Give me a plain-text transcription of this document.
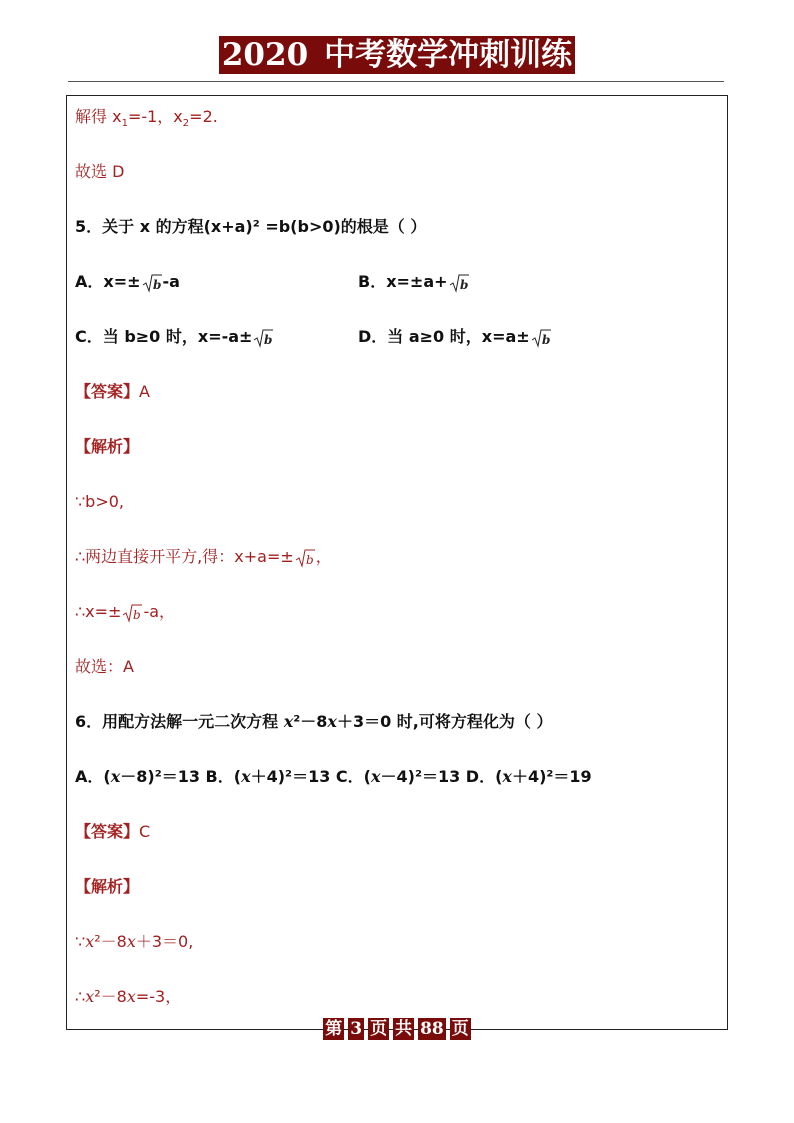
2020 中考数学冲刺训练
解得 $x_1=-1$，$x_2=2$.
故选 D
5．关于 x 的方程(x+a)² =b(b>0)的根是（ ）
A．x=± b -a	B．x=±a+ b
C．当 b≥0 时，x=-a± b	D．当 a≥0 时，x=a± b
【答案】A
【解析】
∵b>0,
∴两边直接开平方,得：x+a=± b ，
∴x=± b -a，
故选：A
6．用配方法解一元二次方程 x²－8x＋3＝0 时,可将方程化为（ ）
A．(x－8)²＝13 B．(x＋4)²＝13 C．(x－4)²＝13 D．(x＋4)²＝19
【答案】C
【解析】
∵x²－8x＋3＝0,
∴x²－8x=-3，
第 3 页 共 88 页
